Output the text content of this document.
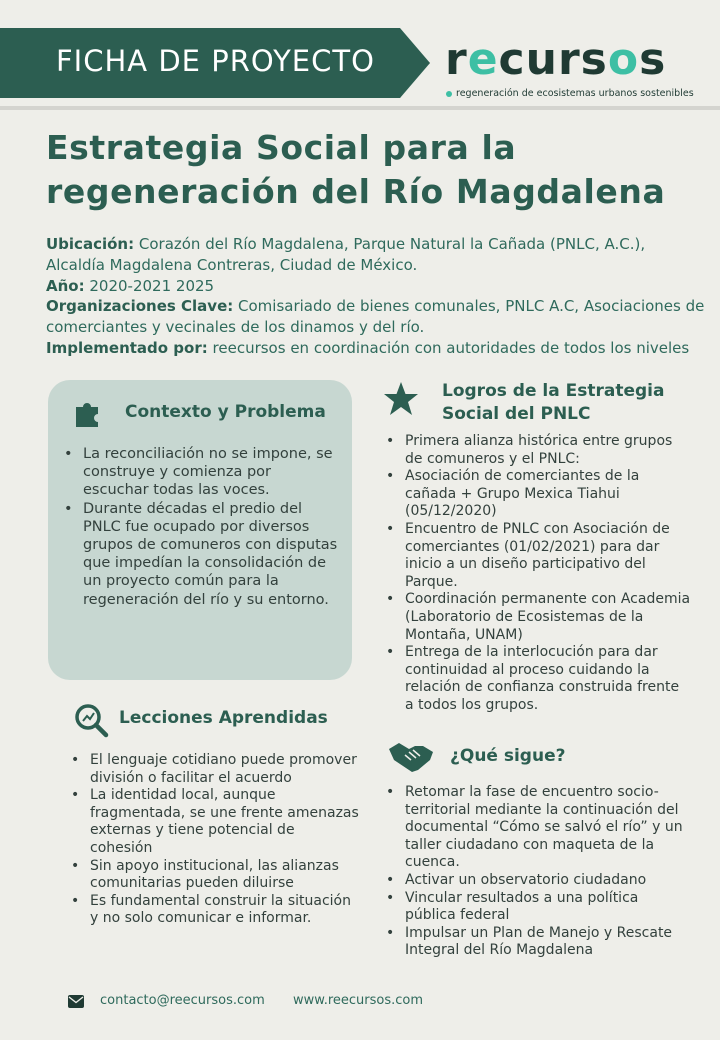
FICHA DE PROYECTO recursos
regeneración de ecosistemas urbanos sostenibles
Estrategia Social para la regeneración del Río Magdalena
Ubicación: Corazón del Río Magdalena, Parque Natural la Cañada (PNLC, A.C.), Alcaldía Magdalena Contreras, Ciudad de México.
Año: 2020-2021 2025
Organizaciones Clave: Comisariado de bienes comunales, PNLC A.C, Asociaciones de comerciantes y vecinales de los dinamos y del río.
Implementado por: reecursos en coordinación con autoridades de todos los niveles
Contexto y Problema
• La reconciliación no se impone, se construye y comienza por escuchar todas las voces.
• Durante décadas el predio del PNLC fue ocupado por diversos grupos de comuneros con disputas que impedían la consolidación de un proyecto común para la regeneración del río y su entorno.
Logros de la Estrategia Social del PNLC
• Primera alianza histórica entre grupos de comuneros y el PNLC:
• Asociación de comerciantes de la cañada + Grupo Mexica Tiahui (05/12/2020)
• Encuentro de PNLC con Asociación de comerciantes (01/02/2021) para dar inicio a un diseño participativo del Parque.
• Coordinación permanente con Academia (Laboratorio de Ecosistemas de la Montaña, UNAM)
• Entrega de la interlocución para dar continuidad al proceso cuidando la relación de confianza construida frente a todos los grupos.
Lecciones Aprendidas
• El lenguaje cotidiano puede promover división o facilitar el acuerdo
• La identidad local, aunque fragmentada, se une frente amenazas externas y tiene potencial de cohesión
• Sin apoyo institucional, las alianzas comunitarias pueden diluirse
• Es fundamental construir la situación y no solo comunicar e informar.
¿Qué sigue?
• Retomar la fase de encuentro socio-territorial mediante la continuación del documental “Cómo se salvó el río” y un taller ciudadano con maqueta de la cuenca.
• Activar un observatorio ciudadano
• Vincular resultados a una política pública federal
• Impulsar un Plan de Manejo y Rescate Integral del Río Magdalena
contacto@reecursos.com www.reecursos.com
